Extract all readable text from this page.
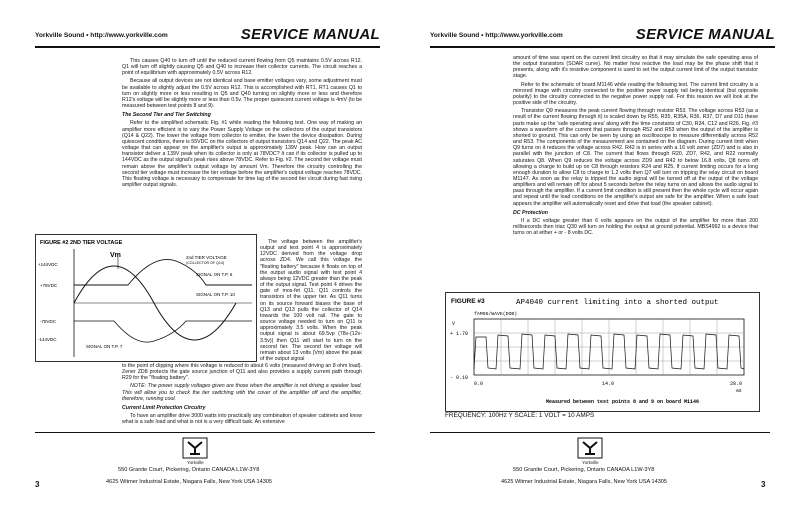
Yorkville Sound • http://www.yorkville.com	SERVICE MANUAL

This causes Q40 to turn off until the reduced current flowing from Q5 maintains 0.5V across R12. Q1 will turn off slightly causing Q5 and Q40 to increase their collector currents. The circuit reaches a point of equilibrium with approximately 0.5V across R12.

Because all output devices are not identical and base emitter voltages vary, some adjustment must be available to slightly adjust the 0.5V across R12. This is accomplished with RT1. RT1 causes Q1 to turn on slightly more or less resulting in Q5 and Q40 turning on slightly more or less and therefore R12's voltage will be slightly more or less than 0.5v. The proper quiescent current voltage is 4mV (to be measured between test points 8 and 9).

The Second Tier and Tier Switching

Refer to the simplified schematic Fig. #1 while reading the following text. One way of making an amplifier more efficient is to vary the Power Supply Voltage on the collectors of the output transistors (Q14 & Q22). The lower the voltage from collector to emitter, the lower the device dissipation. During quiescent conditions, there is 55VDC on the collectors of output transistors Q14 and Q22. The peak AC voltage that can appear on the amplifier's output is approximately 139V peak. How can an output transistor deliver a 139V peak when its collector is only at 78VDC? It can if its collector is pulled up to 144VDC as the output signal's peak rises above 78VDC. Refer to Fig. #2. The second tier voltage must remain above the amplifier's output voltage by amount Vm. Therefore the circuitry controlling the second tier voltage must increase the tier voltage before the amplifier's output voltage reaches 78VDC. This floating voltage is necessary to compensate for time lag of the second tier circuit during fast rising amplifier output signals.

FIGURE #2 2ND TIER VOLTAGE
+144VDC
+78VDC
-78VDC
-144VDC
Vm	2nd TIER VOLTAGE
(COLLECTOR OF Q14)
SIGNAL ON T.P. 6
SIGNAL ON T.P. 10
SIGNAL ON T.P. 7

The voltage between the amplifier's output and test point 4 is approximately 12VDC derived from the voltage drop across ZD4. We call this voltage the "floating battery" because it floats on top of the output audio signal with test point 4 always being 12VDC greater than the peak of the output signal. Test point 4 drives the gate of mos-fet Q11. Q11 controls the transistors of the upper tier. As Q11 turns on its source forward biases the base of Q13 and Q13 pulls the collector of Q14 towards the 100 volt rail. The gate to source voltage needed to turn on Q11 is approximately 3.5 volts. When the peak output signal is about 69.5vp (78v-(12v-3.5v)) then Q11 will start to turn on the second tier. The second tier voltage will remain about 13 volts (Vm) above the peak of the output signal

to the point of clipping where this voltage is reduced to about 6 volts (measured driving an 8 ohm load). Zener ZD8 protects the gate source junction of Q11 and also provides a supply current path through R29 for the "floating battery".

NOTE: The power supply voltages given are those when the amplifier is not driving a speaker load. This will allow you to check the tier switching with the cover of the amplifier off and the amplifier, therefore, running cool.

Current Limit Protection Circuitry

To have an amplifier drive 3000 watts into practically any combination of speaker cabinets and know what is a safe load and what is not is a very difficult task. An extensive

Yorkville
550 Granite Court, Pickering, Ontario CANADA L1W-3Y8
4625 Witmer Industrial Estate, Niagara Falls, New York USA 14305
3
Yorkville Sound • http://www.yorkville.com	SERVICE MANUAL

amount of time was spent on the current limit circuitry so that it may simulate the safe operating area of the output transistors (SOAR curve). No matter how reactive the load may be the phase shift that it presents, along with it's resistive component is used to set the output current limit of the output transistor stage.

Refer to the schematic of board M1146 while reading the following text. The current limit circuitry is a mirrored image with circuitry connected to the positive power supply rail being identical (but opposite polarity) to the circuitry connected to the negative power supply rail. For this reason we will look at the positive side of the circuitry.

Transistor Q9 measures the peak current flowing through resistor R53. The voltage across R53 (as a result of the current flowing through it) is scaled down by R55, R35, R35A, R36, R37, D7 and D11 these parts make up the 'safe operating area' along with the time constants of C30, R34, C12 and R26. Fig. #3 shows a waveform of the current that passes through R52 and R53 when the output of the amplifier is shorted to ground. This can only be seen by using an oscilloscope to measure differentially across R52 and R53. The components of the measurement are contained on the diagram. During current limit when Q9 turns on it reduces the voltage across R42. R42 is in series with a 16 volt zener (ZD7) and is also in parallel with the junction of C8. The current that flows through R20, ZD7, R42, and R22 normally saturates Q8. When Q9 reduces the voltage across ZD9 and R42 to below 16.8 volts, Q8 turns off allowing a charge to build up on C8 through resistors R24 and R25. If current limiting occurs for a long enough duration to allow C8 to charge to 1.2 volts then Q7 will turn on tripping the relay circuit on board M1147. As soon as the relay is tripped the audio signal will be turned off at the output of the voltage amplifiers and will remain off for about 5 seconds before the relay turns on and allows the audio signal to pass through the amplifier. If a current limit condition is still present then the whole cycle will occur again and repeat until the load conditions on the amplifier's output are safe for the amplifier. When a safe load appears the amplifier will automatically reset and drive that load (the speaker cabinet).

DC Protection

If a DC voltage greater than 6 volts appears on the output of the amplifier for more than 200 milliseconds then triac Q30 will turn on holding the output at ground potential. MBS4992 is a device that turns on at either + or - 8 volts DC.

FIGURE #3	AP4040 current limiting into a shorted output
fAMO5/WAVE(DOB)
V
+ 1.70
- 0.10
0.0	14.0	28.0
mS
Measured between test points 8 and 9 on board M1146
FREQUENCY: 100Hz Y SCALE: 1 VOLT = 10 AMPS
Yorkville
550 Granite Court, Pickering, Ontario CANADA L1W-3Y8
4625 Witmer Industrial Estate, Niagara Falls, New York USA 14305	3
